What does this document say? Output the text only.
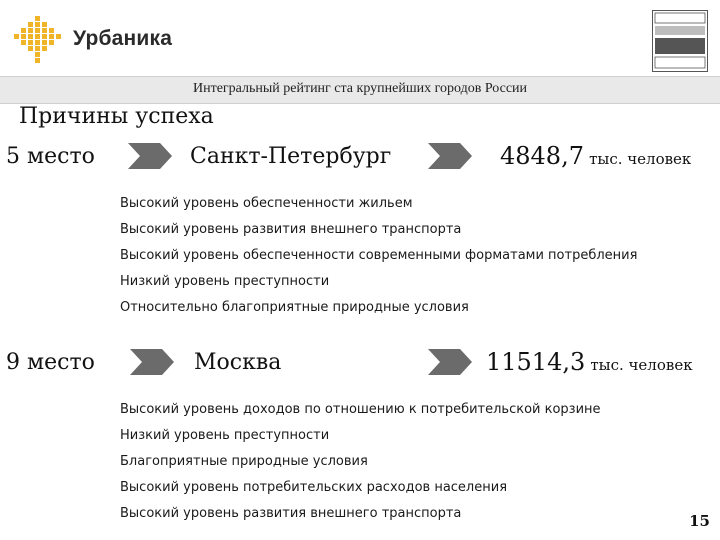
Урбаника
Интегральный рейтинг ста крупнейших городов России
Причины успеха
5 место	Санкт-Петербург	4848,7 тыс. человек
Высокий уровень обеспеченности жильем
Высокий уровень развития внешнего транспорта
Высокий уровень обеспеченности современными форматами потребления
Низкий уровень преступности
Относительно благоприятные природные условия
9 место	Москва	11514,3 тыс. человек
Высокий уровень доходов по отношению к потребительской корзине
Низкий уровень преступности
Благоприятные природные условия
Высокий уровень потребительских расходов населения
Высокий уровень развития внешнего транспорта	15
